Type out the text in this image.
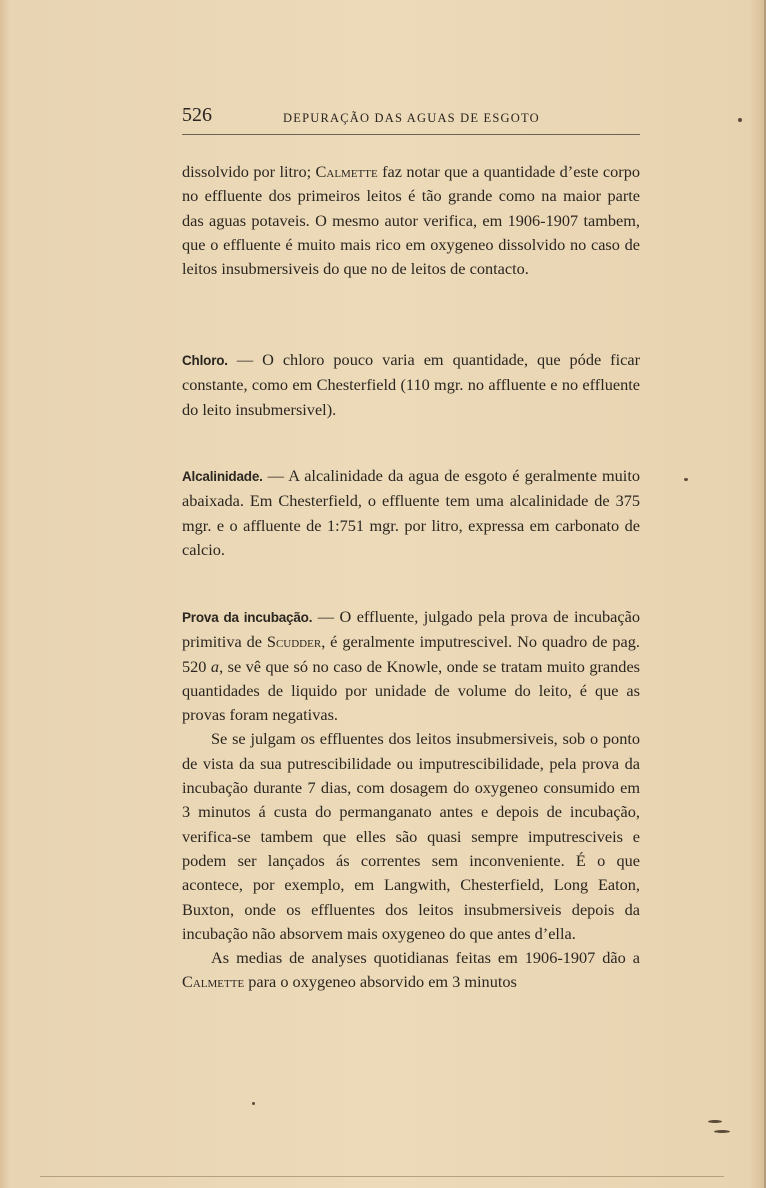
526	DEPURAÇÃO DAS AGUAS DE ESGOTO

dissolvido por litro; Calmette faz notar que a quantidade d’este corpo no effluente dos primeiros leitos é tão grande como na maior parte das aguas potaveis. O mesmo autor verifica, em 1906-1907 tambem, que o effluente é muito mais rico em oxygeneo dissolvido no caso de leitos insubmersiveis do que no de leitos de contacto.

Chloro. — O chloro pouco varia em quantidade, que póde ficar constante, como em Chesterfield (110 mgr. no affluente e no effluente do leito insubmersivel).

Alcalinidade. — A alcalinidade da agua de esgoto é geralmente muito abaixada. Em Chesterfield, o effluente tem uma alcalinidade de 375 mgr. e o affluente de 1:751 mgr. por litro, expressa em carbonato de calcio.

Prova da incubação. — O effluente, julgado pela prova de incubação primitiva de Scudder, é geralmente imputrescivel. No quadro de pag. 520 a, se vê que só no caso de Knowle, onde se tratam muito grandes quantidades de liquido por unidade de volume do leito, é que as provas foram negativas.

Se se julgam os effluentes dos leitos insubmersiveis, sob o ponto de vista da sua putrescibilidade ou imputrescibilidade, pela prova da incubação durante 7 dias, com dosagem do oxygeneo consumido em 3 minutos á custa do permanganato antes e depois de incubação, verifica-se tambem que elles são quasi sempre imputresciveis e podem ser lançados ás correntes sem inconveniente. É o que acontece, por exemplo, em Langwith, Chesterfield, Long Eaton, Buxton, onde os effluentes dos leitos insubmersiveis depois da incubação não absorvem mais oxygeneo do que antes d’ella.

As medias de analyses quotidianas feitas em 1906-1907 dão a Calmette para o oxygeneo absorvido em 3 minutos
